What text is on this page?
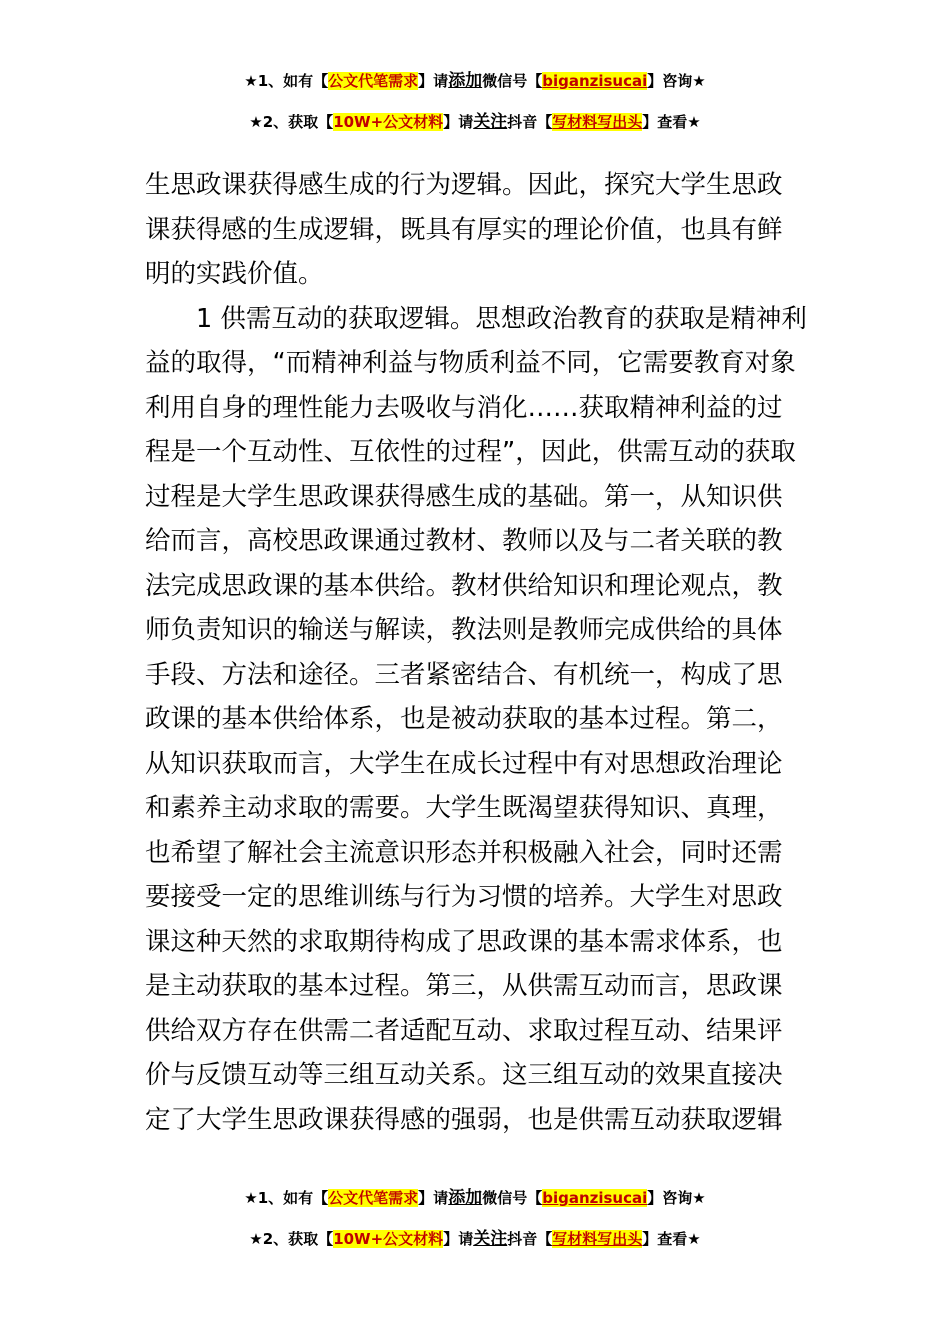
★1、如有【公文代笔需求】请添加微信号【biganzisucai】咨询★
★2、获取【10W+公文材料】请关注抖音【写材料写出头】查看★
生思政课获得感生成的行为逻辑。因此，探究大学生思政
课获得感的生成逻辑，既具有厚实的理论价值，也具有鲜
明的实践价值。
1 供需互动的获取逻辑。思想政治教育的获取是精神利
益的取得，“而精神利益与物质利益不同，它需要教育对象
利用自身的理性能力去吸收与消化……获取精神利益的过
程是一个互动性、互依性的过程”，因此，供需互动的获取
过程是大学生思政课获得感生成的基础。第一，从知识供
给而言，高校思政课通过教材、教师以及与二者关联的教
法完成思政课的基本供给。教材供给知识和理论观点，教
师负责知识的输送与解读，教法则是教师完成供给的具体
手段、方法和途径。三者紧密结合、有机统一，构成了思
政课的基本供给体系，也是被动获取的基本过程。第二，
从知识获取而言，大学生在成长过程中有对思想政治理论
和素养主动求取的需要。大学生既渴望获得知识、真理，
也希望了解社会主流意识形态并积极融入社会，同时还需
要接受一定的思维训练与行为习惯的培养。大学生对思政
课这种天然的求取期待构成了思政课的基本需求体系，也
是主动获取的基本过程。第三，从供需互动而言，思政课
供给双方存在供需二者适配互动、求取过程互动、结果评
价与反馈互动等三组互动关系。这三组互动的效果直接决
定了大学生思政课获得感的强弱，也是供需互动获取逻辑
★1、如有【公文代笔需求】请添加微信号【biganzisucai】咨询★
★2、获取【10W+公文材料】请关注抖音【写材料写出头】查看★
